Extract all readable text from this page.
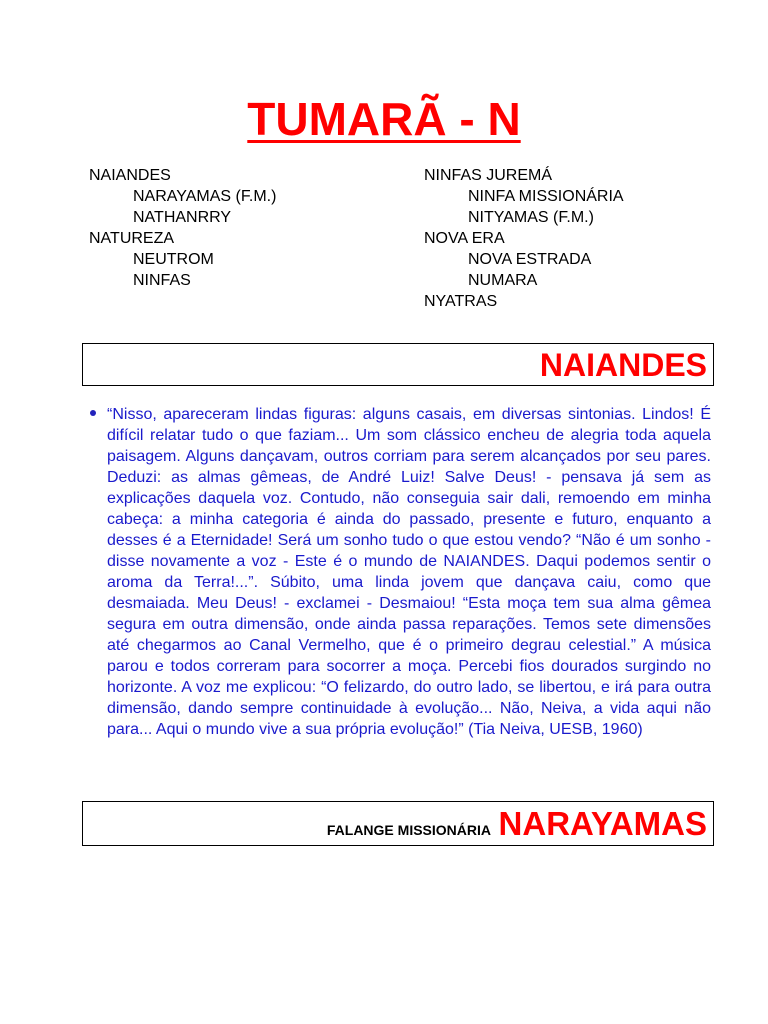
TUMARÃ - N
NAIANDES
NARAYAMAS (F.M.)
NATHANRRY
NATUREZA
NEUTROM
NINFAS
NINFAS JUREMÁ
NINFA MISSIONÁRIA
NITYAMAS (F.M.)
NOVA ERA
NOVA ESTRADA
NUMARA
NYATRAS
NAIANDES
“Nisso, apareceram lindas figuras: alguns casais, em diversas sintonias. Lindos! É difícil relatar tudo o que faziam... Um som clássico encheu de alegria toda aquela paisagem. Alguns dançavam, outros corriam para serem alcançados por seu pares. Deduzi: as almas gêmeas, de André Luiz! Salve Deus! - pensava já sem as explicações daquela voz. Contudo, não conseguia sair dali, remoendo em minha cabeça: a minha categoria é ainda do passado, presente e futuro, enquanto a desses é a Eternidade! Será um sonho tudo o que estou vendo? “Não é um sonho - disse novamente a voz - Este é o mundo de NAIANDES. Daqui podemos sentir o aroma da Terra!...”. Súbito, uma linda jovem que dançava caiu, como que desmaiada. Meu Deus! - exclamei - Desmaiou! “Esta moça tem sua alma gêmea segura em outra dimensão, onde ainda passa reparações. Temos sete dimensões até chegarmos ao Canal Vermelho, que é o primeiro degrau celestial.” A música parou e todos correram para socorrer a moça. Percebi fios dourados surgindo no horizonte. A voz me explicou: “O felizardo, do outro lado, se libertou, e irá para outra dimensão, dando sempre continuidade à evolução... Não, Neiva, a vida aqui não para... Aqui o mundo vive a sua própria evolução!” (Tia Neiva, UESB, 1960)
FALANGE MISSIONÁRIA NARAYAMAS
